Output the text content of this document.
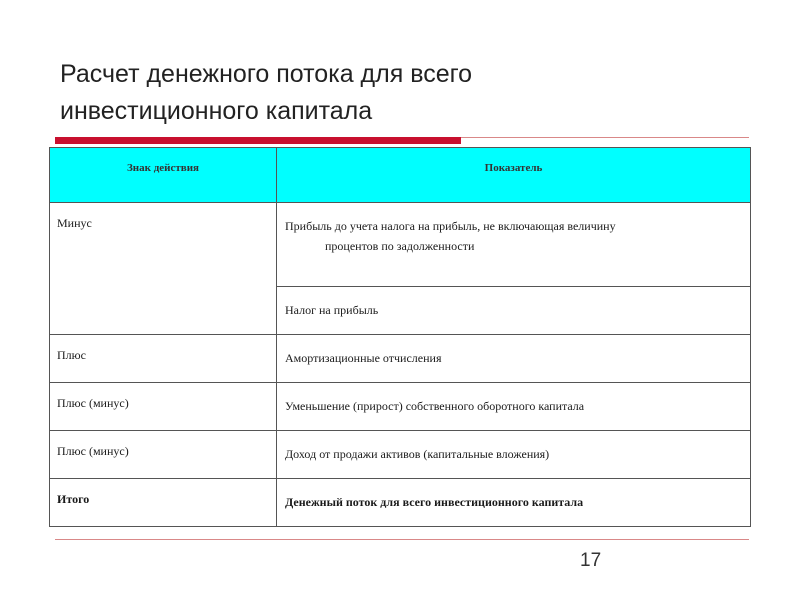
Расчет денежного потока для всего инвестиционного капитала
Знак действия	Показатель
Минус	Прибыль до учета налога на прибыль, не включающая величину
процентов по задолженности

	Налог на прибыль
Плюс	Амортизационные отчисления
Плюс (минус)	Уменьшение (прирост) собственного оборотного капитала
Плюс (минус)	Доход от продажи активов (капитальные вложения)
Итого	Денежный поток для всего инвестиционного капитала
17
